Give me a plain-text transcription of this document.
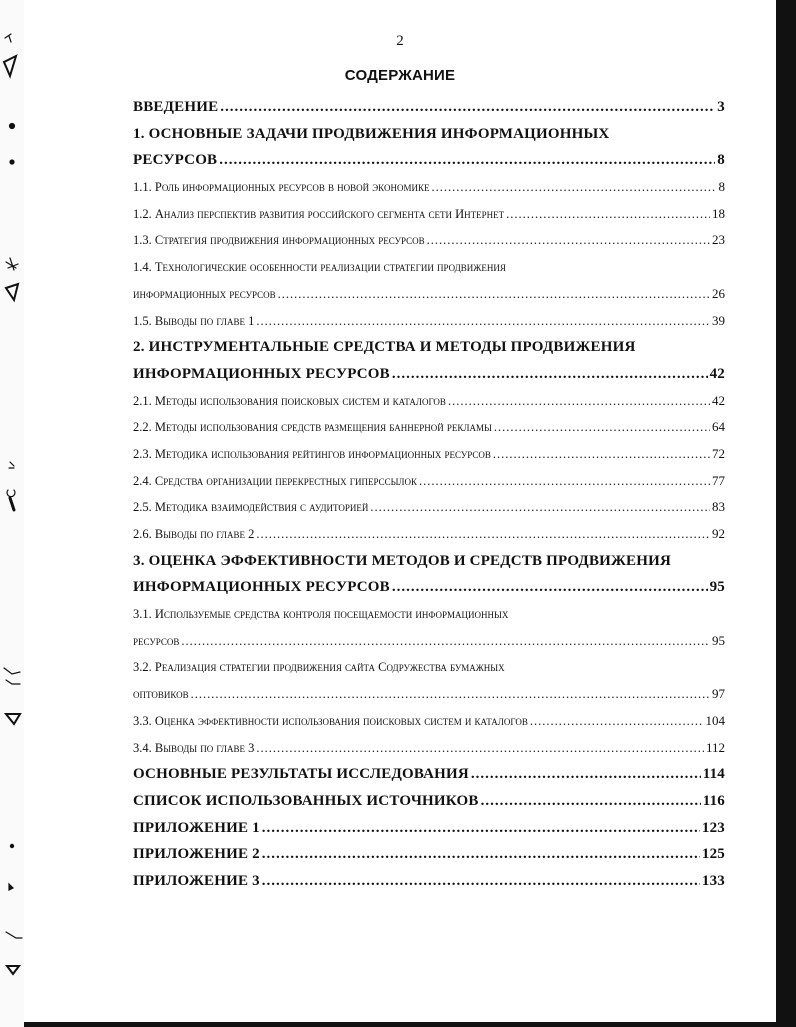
2
СОДЕРЖАНИЕ
ВВЕДЕНИЕ .....	3
1. ОСНОВНЫЕ ЗАДАЧИ ПРОДВИЖЕНИЯ ИНФОРМАЦИОННЫХ
РЕСУРСОВ .....	8
1.1. Роль информационных ресурсов в новой экономике .....	8
1.2. Анализ перспектив развития российского сегмента сети Интернет .....	18
1.3. Стратегия продвижения информационных ресурсов .....	23
1.4. Технологические особенности реализации стратегии продвижения
информационных ресурсов .....	26
1.5. Выводы по главе 1 .....	39
2. ИНСТРУМЕНТАЛЬНЫЕ СРЕДСТВА И МЕТОДЫ ПРОДВИЖЕНИЯ
ИНФОРМАЦИОННЫХ РЕСУРСОВ .....	42
2.1. Методы использования поисковых систем и каталогов .....	42
2.2. Методы использования средств размещения баннерной рекламы .....	64
2.3. Методика использования рейтингов информационных ресурсов .....	72
2.4. Средства организации перекрестных гиперссылок .....	77
2.5. Методика взаимодействия с аудиторией .....	83
2.6. Выводы по главе 2 .....	92
3. ОЦЕНКА ЭФФЕКТИВНОСТИ МЕТОДОВ И СРЕДСТВ ПРОДВИЖЕНИЯ
ИНФОРМАЦИОННЫХ РЕСУРСОВ .....	95
3.1. Используемые средства контроля посещаемости информационных
ресурсов .....	95
3.2. Реализация стратегии продвижения сайта Содружества бумажных
оптовиков .....	97
3.3. Оценка эффективности использования поисковых систем и каталогов .....	104
3.4. Выводы по главе 3 .....	112
ОСНОВНЫЕ РЕЗУЛЬТАТЫ ИССЛЕДОВАНИЯ .....	114
СПИСОК ИСПОЛЬЗОВАННЫХ ИСТОЧНИКОВ .....	116
ПРИЛОЖЕНИЕ 1 .....	123
ПРИЛОЖЕНИЕ 2 .....	125
ПРИЛОЖЕНИЕ 3 .....	133
